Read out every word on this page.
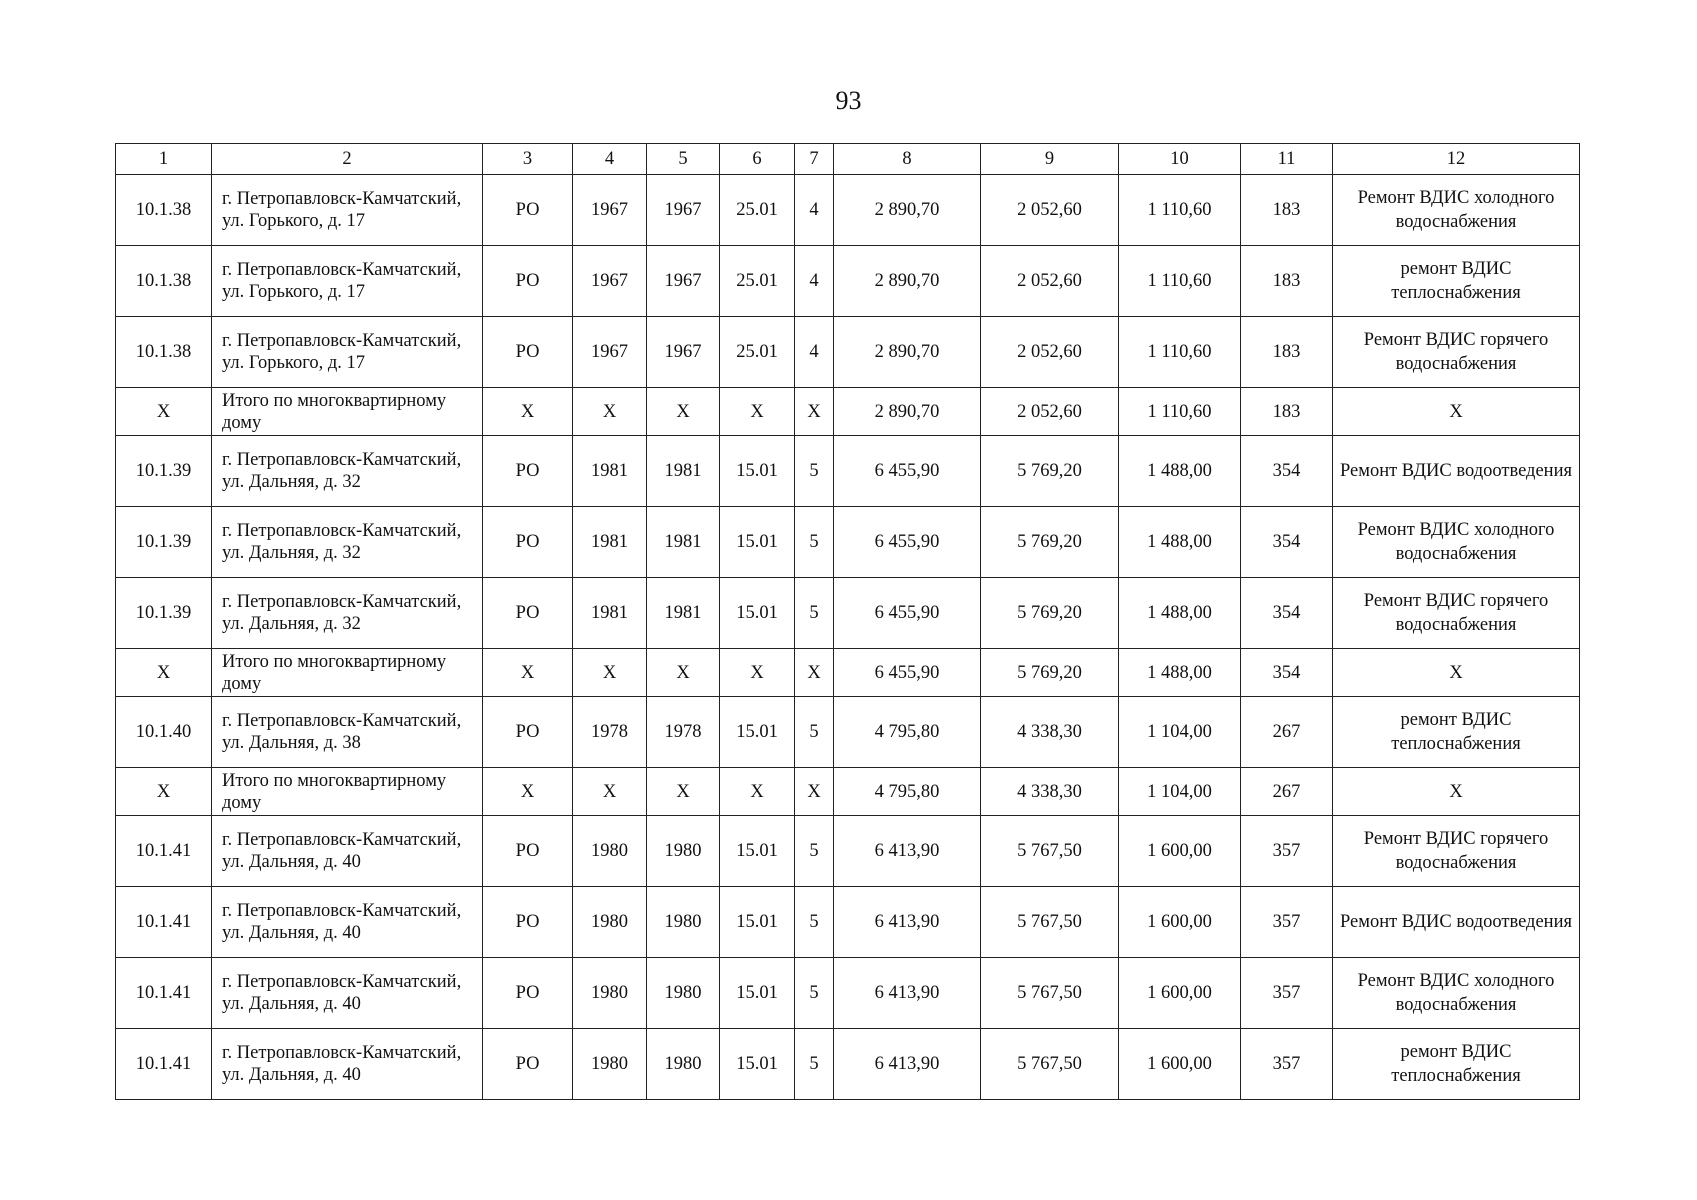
93
1	2	3	4	5	6	7	8	9	10	11	12
10.1.38	г. Петропавловск-Камчатский, ул. Горького, д. 17	РО	1967	1967	25.01	4	2 890,70	2 052,60	1 110,60	183	Ремонт ВДИС холодного водоснабжения
10.1.38	г. Петропавловск-Камчатский, ул. Горького, д. 17	РО	1967	1967	25.01	4	2 890,70	2 052,60	1 110,60	183	ремонт ВДИС теплоснабжения
10.1.38	г. Петропавловск-Камчатский, ул. Горького, д. 17	РО	1967	1967	25.01	4	2 890,70	2 052,60	1 110,60	183	Ремонт ВДИС горячего водоснабжения
Х	Итого по многоквартирному дому	Х	Х	Х	Х	Х	2 890,70	2 052,60	1 110,60	183	Х
10.1.39	г. Петропавловск-Камчатский, ул. Дальняя, д. 32	РО	1981	1981	15.01	5	6 455,90	5 769,20	1 488,00	354	Ремонт ВДИС водоотведения
10.1.39	г. Петропавловск-Камчатский, ул. Дальняя, д. 32	РО	1981	1981	15.01	5	6 455,90	5 769,20	1 488,00	354	Ремонт ВДИС холодного водоснабжения
10.1.39	г. Петропавловск-Камчатский, ул. Дальняя, д. 32	РО	1981	1981	15.01	5	6 455,90	5 769,20	1 488,00	354	Ремонт ВДИС горячего водоснабжения
Х	Итого по многоквартирному дому	Х	Х	Х	Х	Х	6 455,90	5 769,20	1 488,00	354	Х
10.1.40	г. Петропавловск-Камчатский, ул. Дальняя, д. 38	РО	1978	1978	15.01	5	4 795,80	4 338,30	1 104,00	267	ремонт ВДИС теплоснабжения
Х	Итого по многоквартирному дому	Х	Х	Х	Х	Х	4 795,80	4 338,30	1 104,00	267	Х
10.1.41	г. Петропавловск-Камчатский, ул. Дальняя, д. 40	РО	1980	1980	15.01	5	6 413,90	5 767,50	1 600,00	357	Ремонт ВДИС горячего водоснабжения
10.1.41	г. Петропавловск-Камчатский, ул. Дальняя, д. 40	РО	1980	1980	15.01	5	6 413,90	5 767,50	1 600,00	357	Ремонт ВДИС водоотведения
10.1.41	г. Петропавловск-Камчатский, ул. Дальняя, д. 40	РО	1980	1980	15.01	5	6 413,90	5 767,50	1 600,00	357	Ремонт ВДИС холодного водоснабжения
10.1.41	г. Петропавловск-Камчатский, ул. Дальняя, д. 40	РО	1980	1980	15.01	5	6 413,90	5 767,50	1 600,00	357	ремонт ВДИС теплоснабжения
